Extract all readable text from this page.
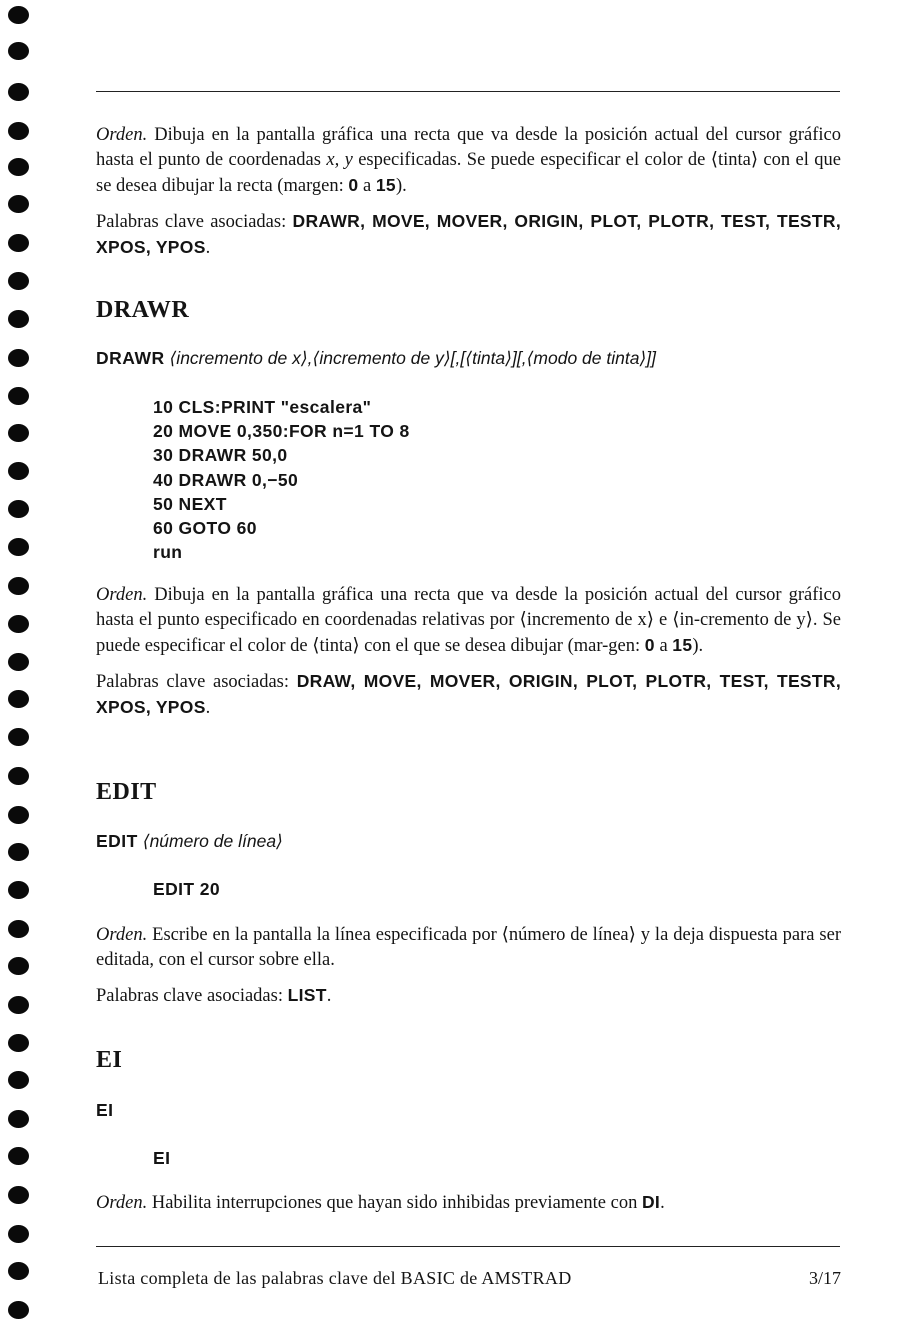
Orden. Dibuja en la pantalla gráfica una recta que va desde la posición actual del cursor gráfico hasta el punto de coordenadas x, y especificadas. Se puede especificar el color de ⟨tinta⟩ con el que se desea dibujar la recta (margen: 0 a 15).
Palabras clave asociadas: DRAWR, MOVE, MOVER, ORIGIN, PLOT, PLOTR, TEST, TESTR, XPOS, YPOS.
DRAWR
DRAWR ⟨incremento de x⟩,⟨incremento de y⟩[,[⟨tinta⟩][,⟨modo de tinta⟩]]
10 CLS:PRINT "escalera"
20 MOVE 0,350:FOR n=1 TO 8
30 DRAWR 50,0
40 DRAWR 0,−50
50 NEXT
60 GOTO 60
run
Orden. Dibuja en la pantalla gráfica una recta que va desde la posición actual del cursor gráfico hasta el punto especificado en coordenadas relativas por ⟨incremento de x⟩ e ⟨in-cremento de y⟩. Se puede especificar el color de ⟨tinta⟩ con el que se desea dibujar (mar-gen: 0 a 15).
Palabras clave asociadas: DRAW, MOVE, MOVER, ORIGIN, PLOT, PLOTR, TEST, TESTR, XPOS, YPOS.
EDIT
EDIT ⟨número de línea⟩
EDIT 20
Orden. Escribe en la pantalla la línea especificada por ⟨número de línea⟩ y la deja dispuesta para ser editada, con el cursor sobre ella.
Palabras clave asociadas: LIST.
EI
EI
EI
Orden. Habilita interrupciones que hayan sido inhibidas previamente con DI.
Lista completa de las palabras clave del BASIC de AMSTRAD	3/17
